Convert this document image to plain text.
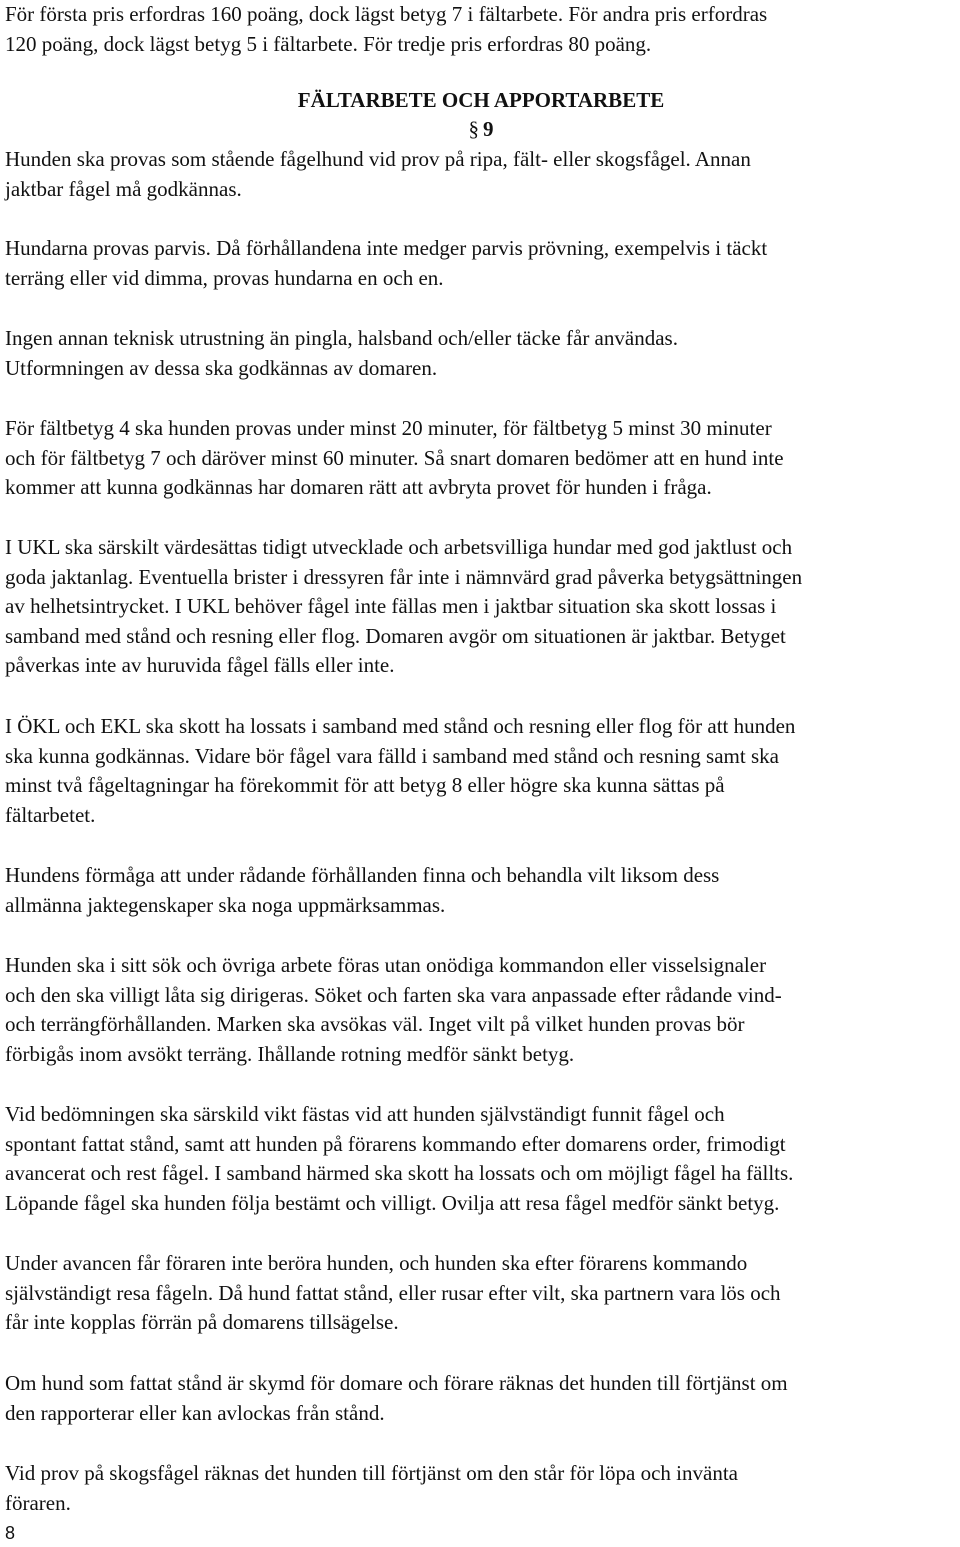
För första pris erfordras 160 poäng, dock lägst betyg 7 i fältarbete. För andra pris erfordras
120 poäng, dock lägst betyg 5 i fältarbete. För tredje pris erfordras 80 poäng.

FÄLTARBETE OCH APPORTARBETE
§ 9

Hunden ska provas som stående fågelhund vid prov på ripa, fält- eller skogsfågel. Annan
jaktbar fågel må godkännas.

Hundarna provas parvis. Då förhållandena inte medger parvis prövning, exempelvis i täckt
terräng eller vid dimma, provas hundarna en och en.

Ingen annan teknisk utrustning än pingla, halsband och/eller täcke får användas.
Utformningen av dessa ska godkännas av domaren.

För fältbetyg 4 ska hunden provas under minst 20 minuter, för fältbetyg 5 minst 30 minuter
och för fältbetyg 7 och däröver minst 60 minuter. Så snart domaren bedömer att en hund inte
kommer att kunna godkännas har domaren rätt att avbryta provet för hunden i fråga.

I UKL ska särskilt värdesättas tidigt utvecklade och arbetsvilliga hundar med god jaktlust och
goda jaktanlag. Eventuella brister i dressyren får inte i nämnvärd grad påverka betygsättningen
av helhetsintrycket. I UKL behöver fågel inte fällas men i jaktbar situation ska skott lossas i
samband med stånd och resning eller flog. Domaren avgör om situationen är jaktbar. Betyget
påverkas inte av huruvida fågel fälls eller inte.

I ÖKL och EKL ska skott ha lossats i samband med stånd och resning eller flog för att hunden
ska kunna godkännas. Vidare bör fågel vara fälld i samband med stånd och resning samt ska
minst två fågeltagningar ha förekommit för att betyg 8 eller högre ska kunna sättas på
fältarbetet.

Hundens förmåga att under rådande förhållanden finna och behandla vilt liksom dess
allmänna jaktegenskaper ska noga uppmärksammas.

Hunden ska i sitt sök och övriga arbete föras utan onödiga kommandon eller visselsignaler
och den ska villigt låta sig dirigeras. Söket och farten ska vara anpassade efter rådande vind-
och terrängförhållanden. Marken ska avsökas väl. Inget vilt på vilket hunden provas bör
förbigås inom avsökt terräng. Ihållande rotning medför sänkt betyg.

Vid bedömningen ska särskild vikt fästas vid att hunden självständigt funnit fågel och
spontant fattat stånd, samt att hunden på förarens kommando efter domarens order, frimodigt
avancerat och rest fågel. I samband härmed ska skott ha lossats och om möjligt fågel ha fällts.
Löpande fågel ska hunden följa bestämt och villigt. Ovilja att resa fågel medför sänkt betyg.

Under avancen får föraren inte beröra hunden, och hunden ska efter förarens kommando
självständigt resa fågeln. Då hund fattat stånd, eller rusar efter vilt, ska partnern vara lös och
får inte kopplas förrän på domarens tillsägelse.

Om hund som fattat stånd är skymd för domare och förare räknas det hunden till förtjänst om
den rapporterar eller kan avlockas från stånd.

Vid prov på skogsfågel räknas det hunden till förtjänst om den står för löpa och invänta
föraren.

8
